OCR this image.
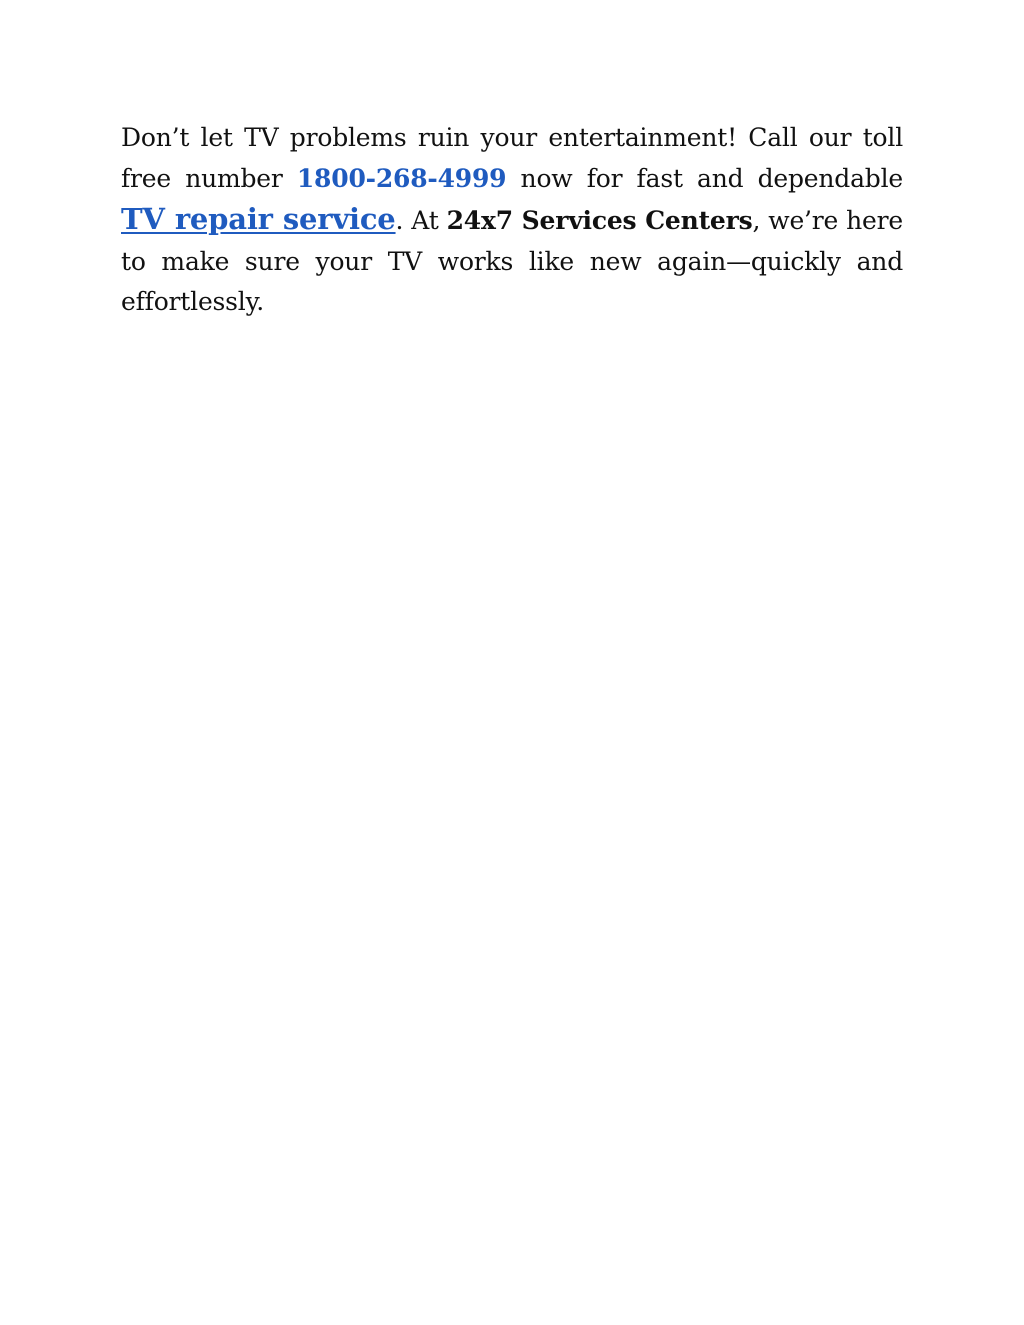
Don’t let TV problems ruin your entertainment! Call our toll free number 1800-268-4999 now for fast and dependable TV repair service. At 24x7 Services Centers, we’re here to make sure your TV works like new again—quickly and effortlessly.
